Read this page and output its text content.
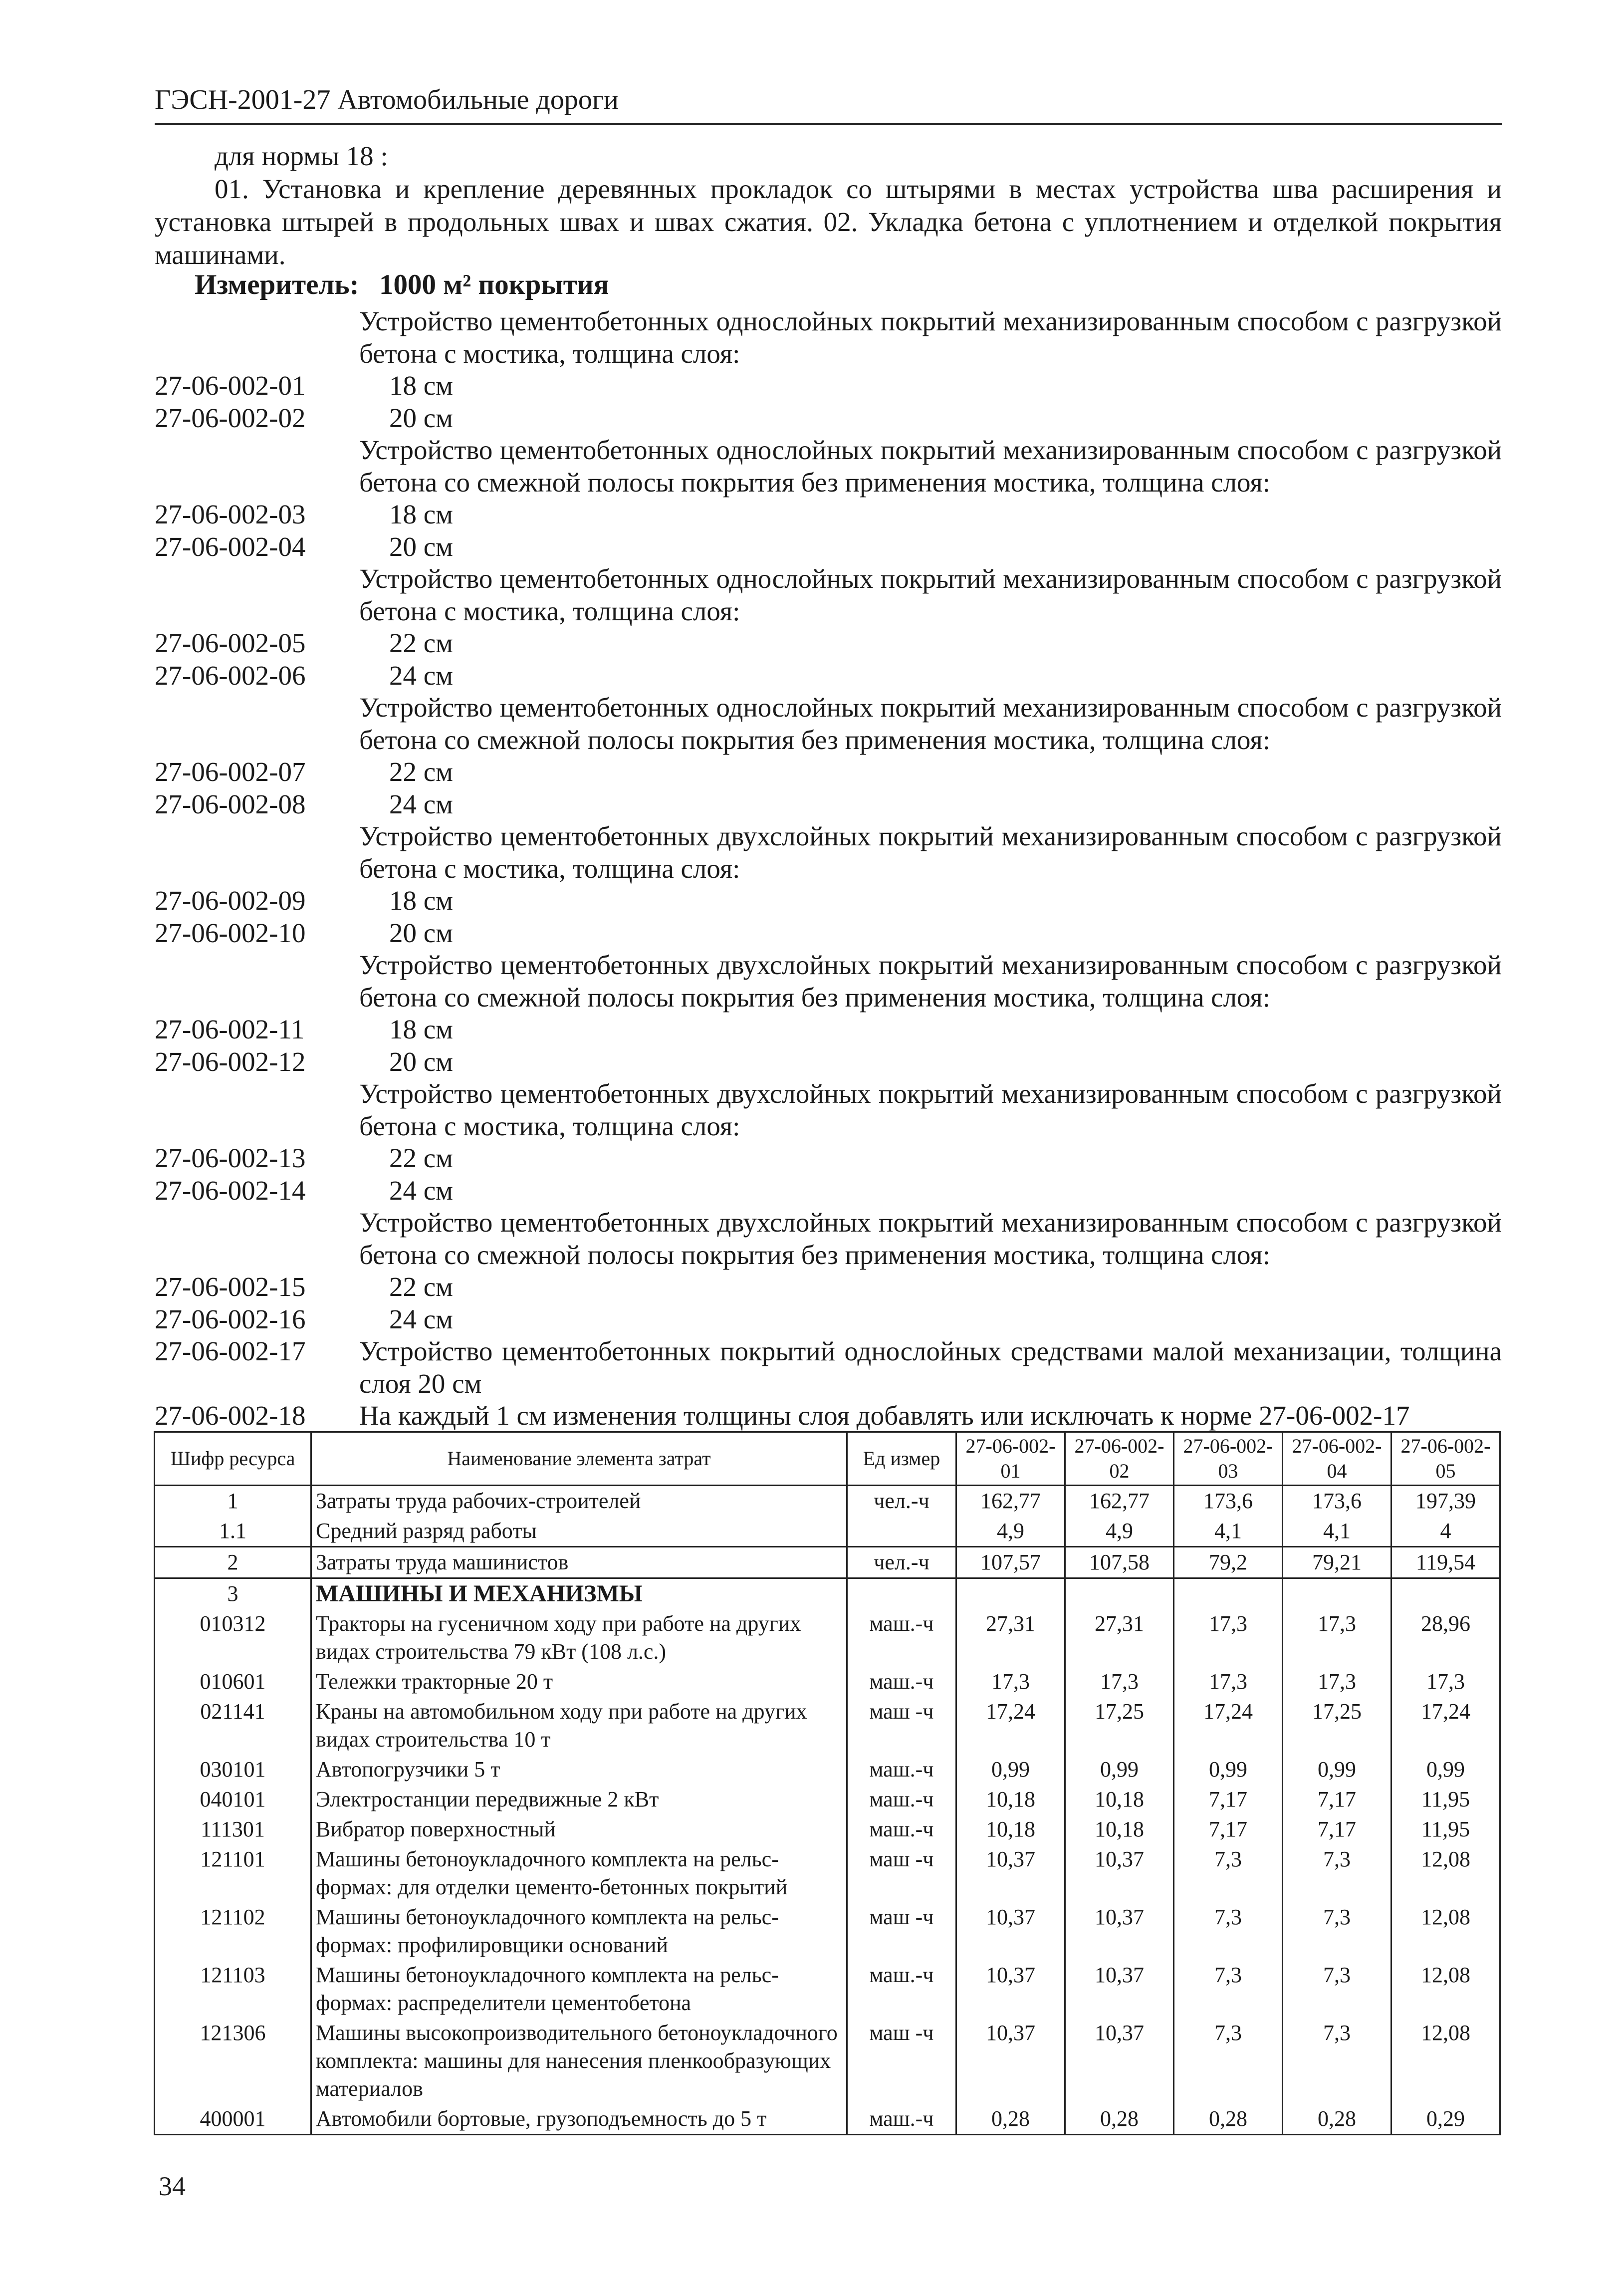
ГЭСН-2001-27 Автомобильные дороги
для нормы 18 :
01. Установка и крепление деревянных прокладок со штырями в местах устройства шва расширения и установка штырей в продольных швах и швах сжатия. 02. Укладка бетона с уплотнением и отделкой покрытия машинами.
Измеритель: 1000 м² покрытия
Устройство цементобетонных однослойных покрытий механизированным способом с разгрузкой бетона с мостика, толщина слоя:
27-06-002-01	18 см
27-06-002-02	20 см
Устройство цементобетонных однослойных покрытий механизированным способом с разгрузкой бетона со смежной полосы покрытия без применения мостика, толщина слоя:
27-06-002-03	18 см
27-06-002-04	20 см
Устройство цементобетонных однослойных покрытий механизированным способом с разгрузкой бетона с мостика, толщина слоя:
27-06-002-05	22 см
27-06-002-06	24 см
Устройство цементобетонных однослойных покрытий механизированным способом с разгрузкой бетона со смежной полосы покрытия без применения мостика, толщина слоя:
27-06-002-07	22 см
27-06-002-08	24 см
Устройство цементобетонных двухслойных покрытий механизированным способом с разгрузкой бетона с мостика, толщина слоя:
27-06-002-09	18 см
27-06-002-10	20 см
Устройство цементобетонных двухслойных покрытий механизированным способом с разгрузкой бетона со смежной полосы покрытия без применения мостика, толщина слоя:
27-06-002-11	18 см
27-06-002-12	20 см
Устройство цементобетонных двухслойных покрытий механизированным способом с разгрузкой бетона с мостика, толщина слоя:
27-06-002-13	22 см
27-06-002-14	24 см
Устройство цементобетонных двухслойных покрытий механизированным способом с разгрузкой бетона со смежной полосы покрытия без применения мостика, толщина слоя:
27-06-002-15	22 см
27-06-002-16	24 см
27-06-002-17	Устройство цементобетонных покрытий однослойных средствами малой механизации, толщина слоя 20 см
27-06-002-18	На каждый 1 см изменения толщины слоя добавлять или исключать к норме 27-06-002-17
Шифр ресурса	Наименование элемента затрат	Ед измер	27-06-002-01	27-06-002-02	27-06-002-03	27-06-002-04	27-06-002-05
1	Затраты труда рабочих-строителей	чел.-ч	162,77	162,77	173,6	173,6	197,39
1.1	Средний разряд работы		4,9	4,9	4,1	4,1	4
2	Затраты труда машинистов	чел.-ч	107,57	107,58	79,2	79,21	119,54
3	МАШИНЫ И МЕХАНИЗМЫ						
010312	Тракторы на гусеничном ходу при работе на других видах строительства 79 кВт (108 л.с.)	маш.-ч	27,31	27,31	17,3	17,3	28,96
010601	Тележки тракторные 20 т	маш.-ч	17,3	17,3	17,3	17,3	17,3
021141	Краны на автомобильном ходу при работе на других видах строительства 10 т	маш -ч	17,24	17,25	17,24	17,25	17,24
030101	Автопогрузчики 5 т	маш.-ч	0,99	0,99	0,99	0,99	0,99
040101	Электростанции передвижные 2 кВт	маш.-ч	10,18	10,18	7,17	7,17	11,95
111301	Вибратор поверхностный	маш.-ч	10,18	10,18	7,17	7,17	11,95
121101	Машины бетоноукладочного комплекта на рельс-формах: для отделки цементо-бетонных покрытий	маш -ч	10,37	10,37	7,3	7,3	12,08
121102	Машины бетоноукладочного комплекта на рельс-формах: профилировщики оснований	маш -ч	10,37	10,37	7,3	7,3	12,08
121103	Машины бетоноукладочного комплекта на рельс-формах: распределители цементобетона	маш.-ч	10,37	10,37	7,3	7,3	12,08
121306	Машины высокопроизводительного бетоноукладочного комплекта: машины для нанесения пленкообразующих материалов	маш -ч	10,37	10,37	7,3	7,3	12,08
400001	Автомобили бортовые, грузоподъемность до 5 т	маш.-ч	0,28	0,28	0,28	0,28	0,29
34
